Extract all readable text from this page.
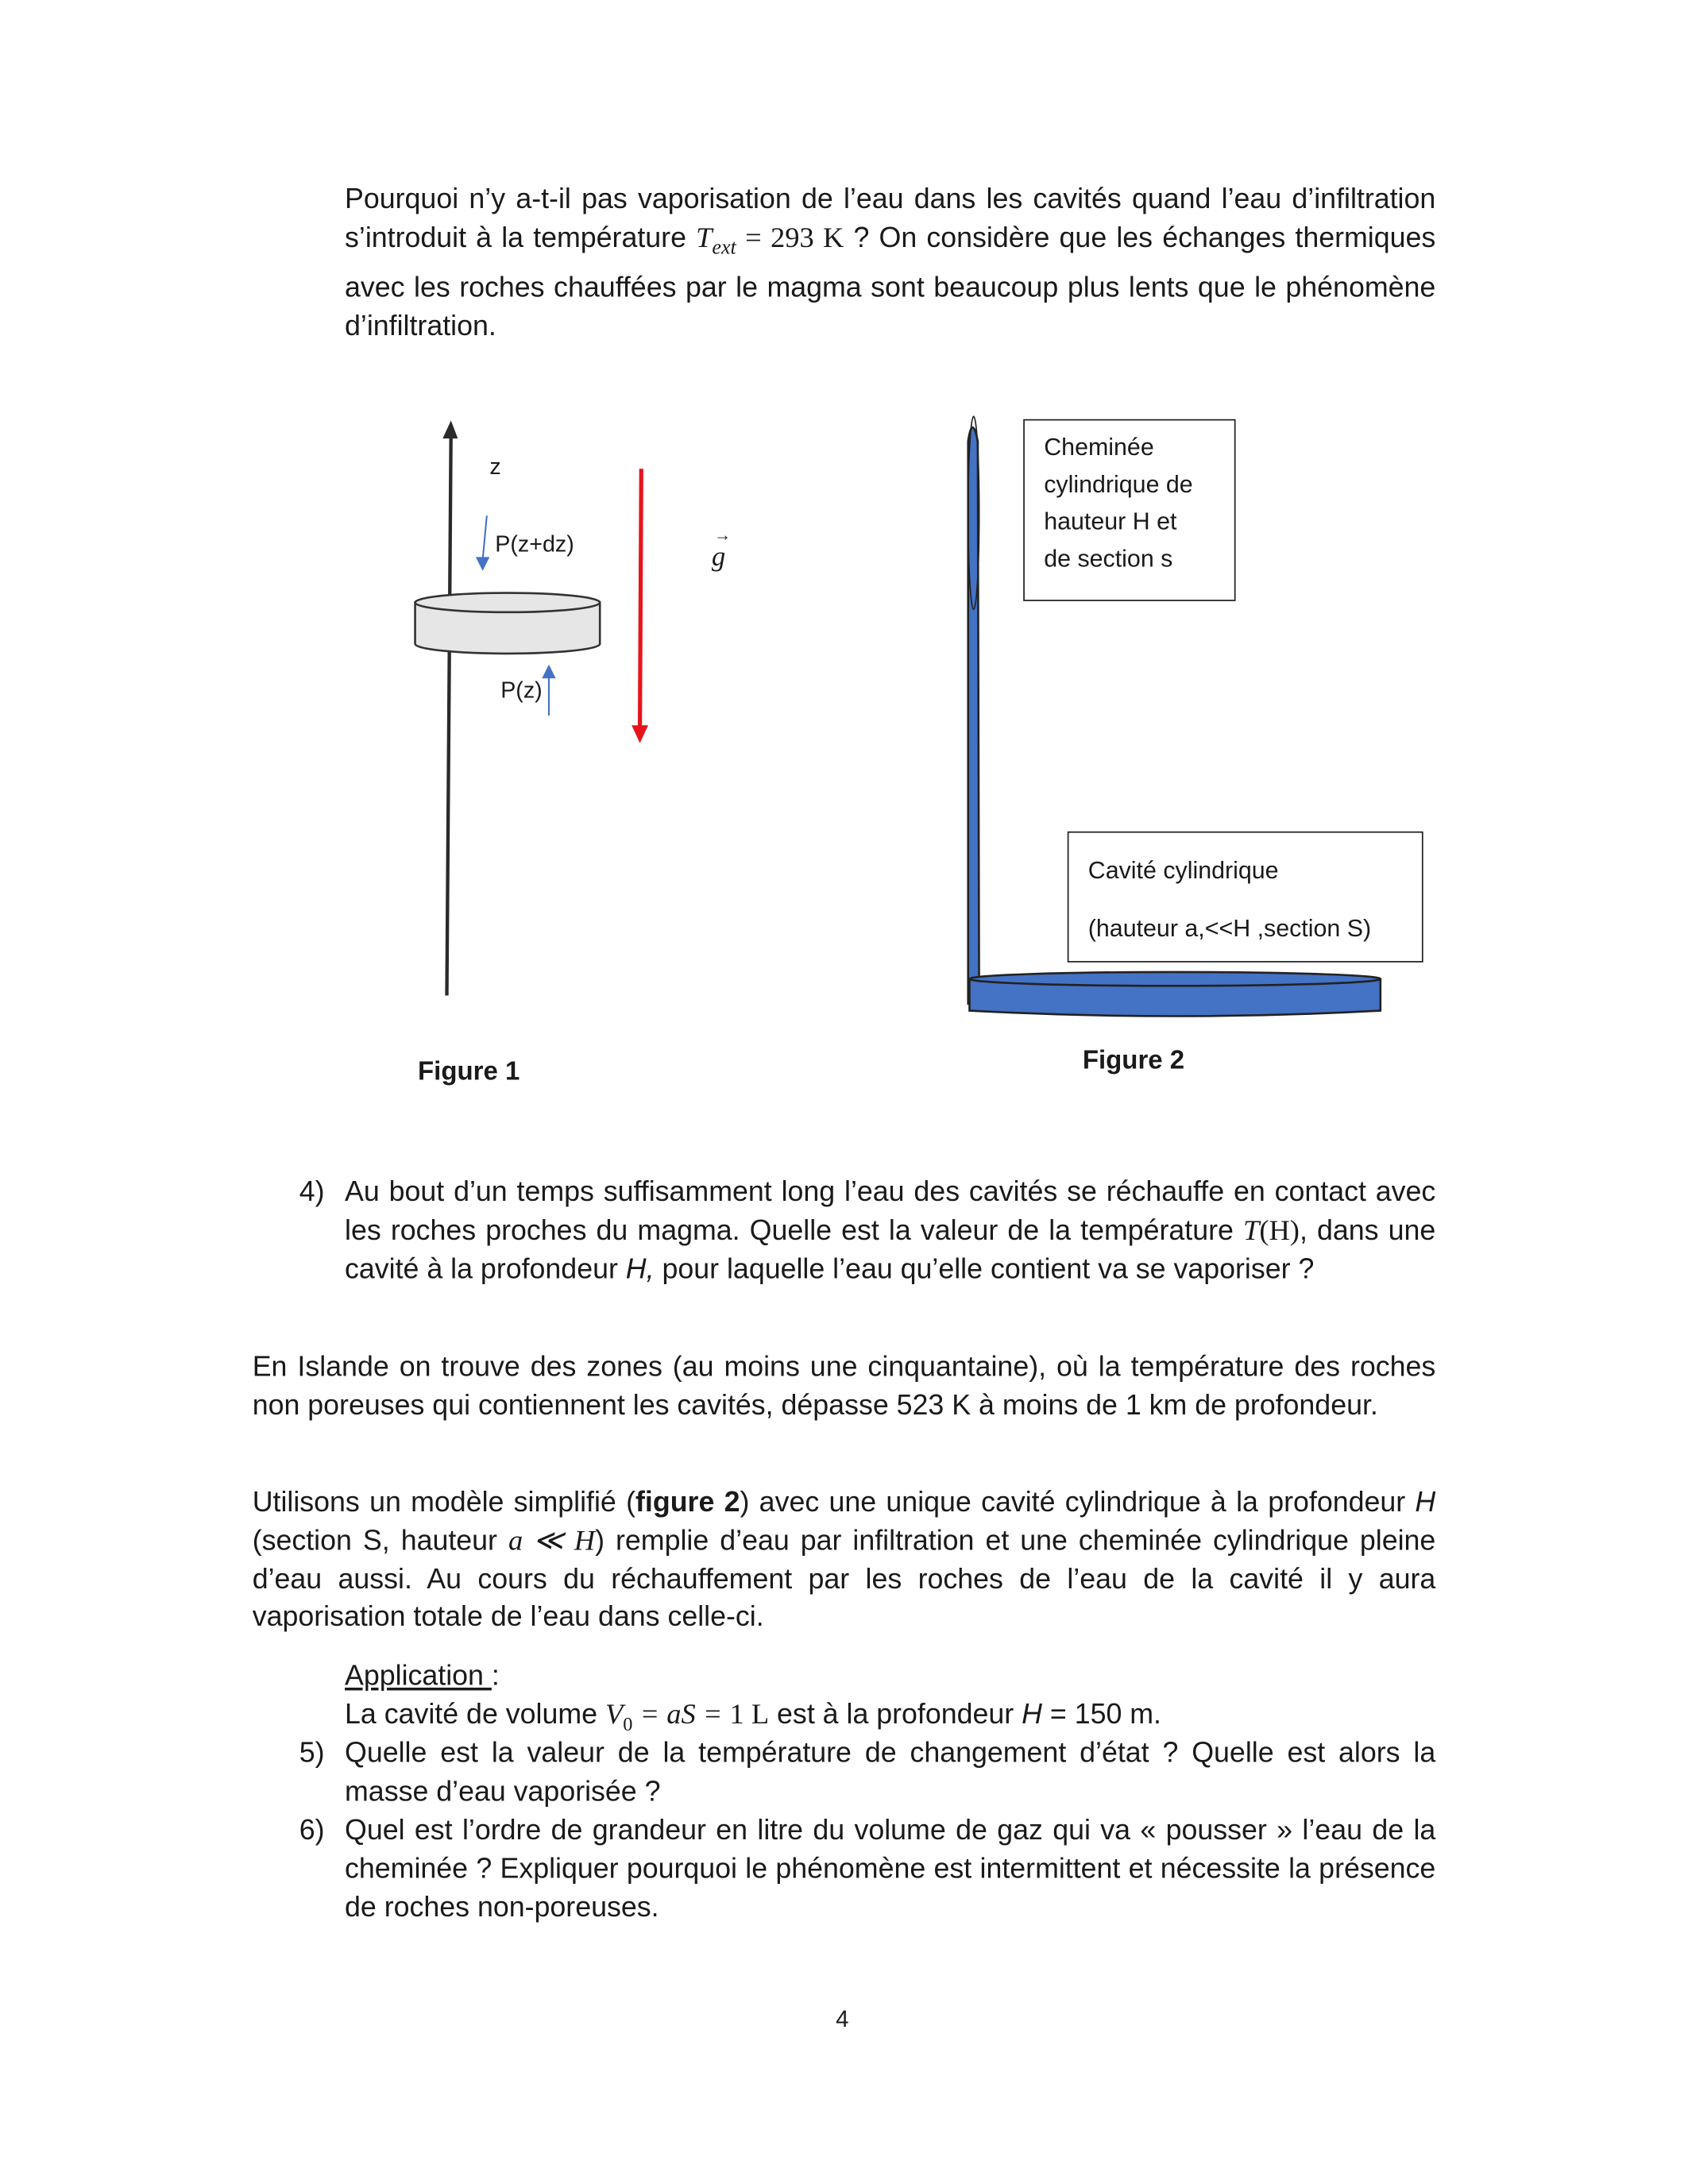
Pourquoi n’y a-t-il pas vaporisation de l’eau dans les cavités quand l’eau d’infiltration s’introduit à la température $T_{ext} = 293$ K ? On considère que les échanges thermiques avec les roches chauffées par le magma sont beaucoup plus lents que le phénomène d’infiltration.
z
P(z+dz)
P(z)
→
g
Figure 1
Cheminée
cylindrique de
hauteur H et
de section s
Cavité cylindrique
(hauteur a,<<H ,section S)
Figure 2
4) Au bout d’un temps suffisamment long l’eau des cavités se réchauffe en contact avec les roches proches du magma. Quelle est la valeur de la température T(H), dans une cavité à la profondeur H, pour laquelle l’eau qu’elle contient va se vaporiser ?
En Islande on trouve des zones (au moins une cinquantaine), où la température des roches non poreuses qui contiennent les cavités, dépasse 523 K à moins de 1 km de profondeur.
Utilisons un modèle simplifié (figure 2) avec une unique cavité cylindrique à la profondeur H (section S, hauteur a ≪ H) remplie d’eau par infiltration et une cheminée cylindrique pleine d’eau aussi. Au cours du réchauffement par les roches de l’eau de la cavité il y aura vaporisation totale de l’eau dans celle-ci.
Application :
La cavité de volume $V_0$ = aS = 1 L est à la profondeur H = 150 m.
5) Quelle est la valeur de la température de changement d’état ? Quelle est alors la masse d’eau vaporisée ?
6) Quel est l’ordre de grandeur en litre du volume de gaz qui va « pousser » l’eau de la cheminée ? Expliquer pourquoi le phénomène est intermittent et nécessite la présence de roches non-poreuses.
4
